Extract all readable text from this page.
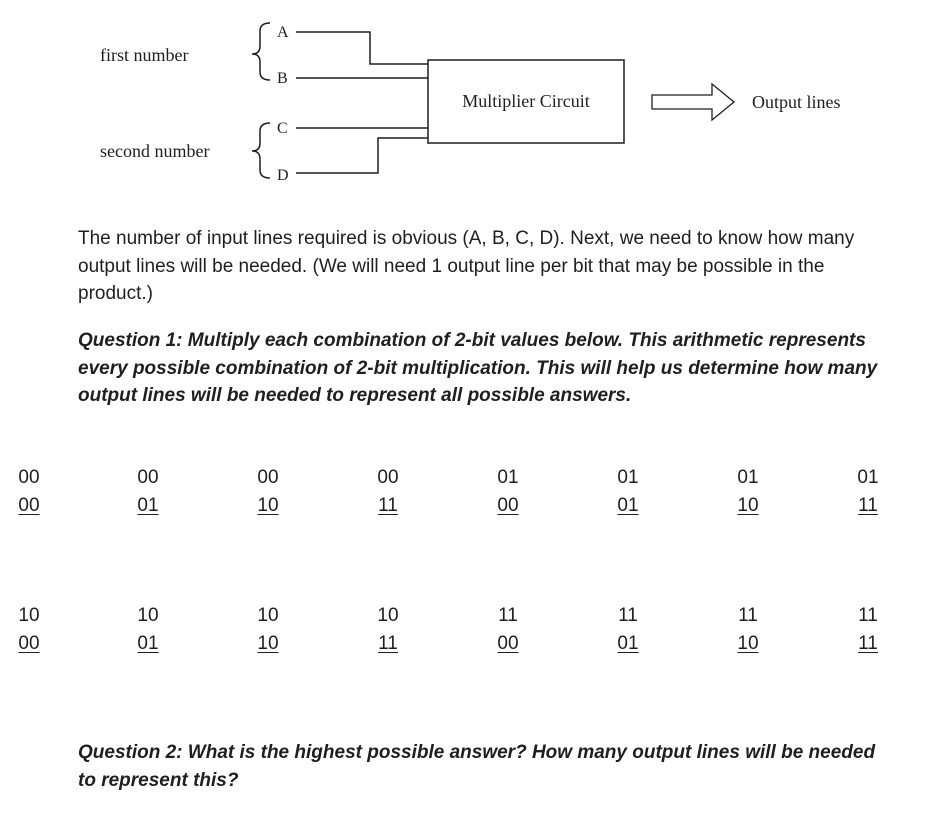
first number
A
B
second number
C
D
Multiplier Circuit	Output lines

The number of input lines required is obvious (A, B, C, D). Next, we need to know how many output lines will be needed. (We will need 1 output line per bit that may be possible in the product.)

Question 1: Multiply each combination of 2-bit values below. This arithmetic represents every possible combination of 2-bit multiplication. This will help us determine how many output lines will be needed to represent all possible answers.

00
00
00
01
00
10
00
11
01
00
01
01
01
10
01
11
10
00
10
01
10
10
10
11
11
00
11
01
11
10
11
11

Question 2: What is the highest possible answer? How many output lines will be needed to represent this?
